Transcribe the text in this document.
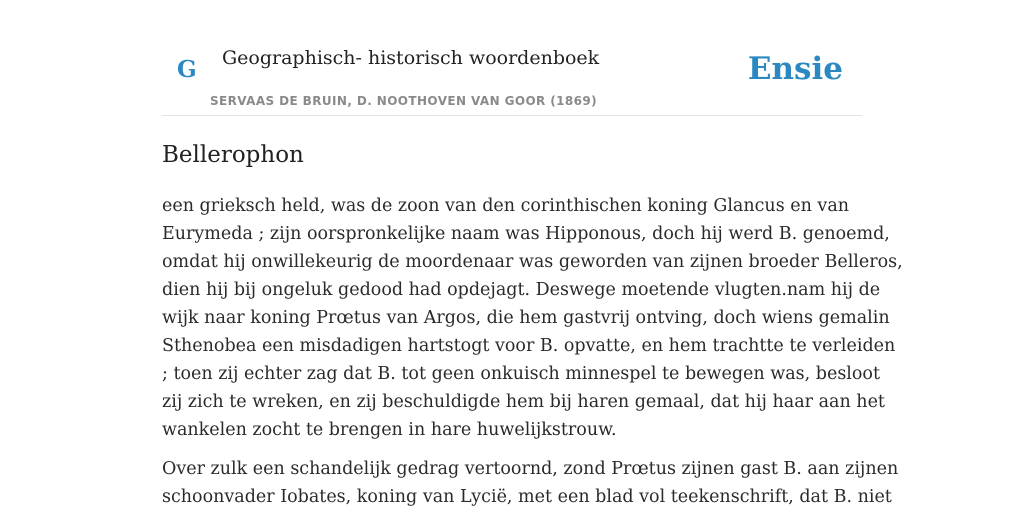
G Geographisch- historisch woordenboek
SERVAAS DE BRUIN, D. NOOTHOVEN VAN GOOR (1869)
Ensie
Bellerophon

een grieksch held, was de zoon van den corinthischen koning Glancus en van
Eurymeda ; zijn oorspronkelijke naam was Hipponous, doch hij werd B. genoemd,
omdat hij onwillekeurig de moordenaar was geworden van zijnen broeder Belleros,
dien hij bij ongeluk gedood had opdejagt. Deswege moetende vlugten.nam hij de
wijk naar koning Prœtus van Argos, die hem gastvrij ontving, doch wiens gemalin
Sthenobea een misdadigen hartstogt voor B. opvatte, en hem trachtte te verleiden
; toen zij echter zag dat B. tot geen onkuisch minnespel te bewegen was, besloot
zij zich te wreken, en zij beschuldigde hem bij haren gemaal, dat hij haar aan het
wankelen zocht te brengen in hare huwelijkstrouw.

Over zulk een schandelijk gedrag vertoornd, zond Prœtus zijnen gast B. aan zijnen
schoonvader Iobates, koning van Lycië, met een blad vol teekenschrift, dat B. niet
